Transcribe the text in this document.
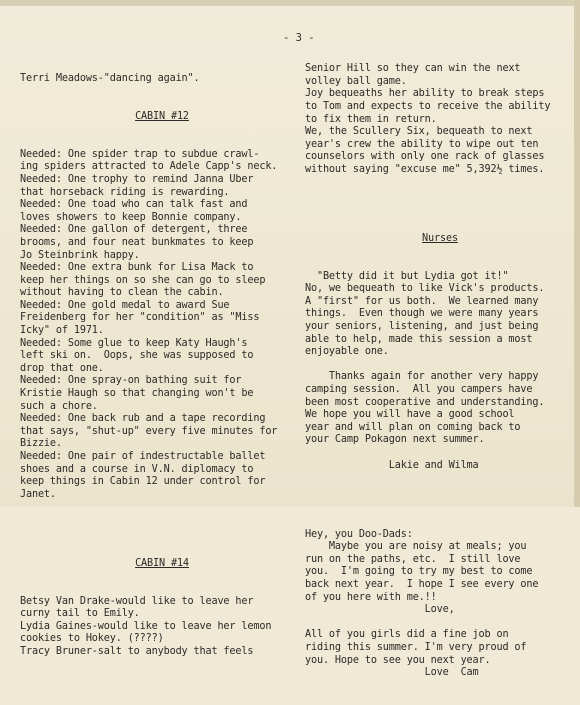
- 3 -

Terri Meadows-"dancing again".

CABIN #12

Needed: One spider trap to subdue crawl-
ing spiders attracted to Adele Capp's neck.
Needed: One trophy to remind Janna Uber
that horseback riding is rewarding.
Needed: One toad who can talk fast and
loves showers to keep Bonnie company.
Needed: One gallon of detergent, three
brooms, and four neat bunkmates to keep
Jo Steinbrink happy.
Needed: One extra bunk for Lisa Mack to
keep her things on so she can go to sleep
without having to clean the cabin.
Needed: One gold medal to award Sue
Freidenberg for her "condition" as "Miss
Icky" of 1971.
Needed: Some glue to keep Katy Haugh's
left ski on.  Oops, she was supposed to
drop that one.
Needed: One spray-on bathing suit for
Kristie Haugh so that changing won't be
such a chore.
Needed: One back rub and a tape recording
that says, "shut-up" every five minutes for
Bizzie.
Needed: One pair of indestructable ballet
shoes and a course in V.N. diplomacy to
keep things in Cabin 12 under control for
Janet.

CABIN #14

Betsy Van Drake-would like to leave her
curny tail to Emily.
Lydia Gaines-would like to leave her lemon
cookies to Hokey. (????)
Tracy Bruner-salt to anybody that feels

Senior Hill so they can win the next
volley ball game.
Joy bequeaths her ability to break steps
to Tom and expects to receive the ability
to fix them in return.
We, the Scullery Six, bequeath to next
year's crew the ability to wipe out ten
counselors with only one rack of glasses
without saying "excuse me" 5,392½ times.

Nurses

"Betty did it but Lydia got it!"
No, we bequeath to like Vick's products.
A "first" for us both.  We learned many
things.  Even though we were many years
your seniors, listening, and just being
able to help, made this session a most
enjoyable one.
Thanks again for another very happy
camping session.  All you campers have
been most cooperative and understanding.
We hope you will have a good school
year and will plan on coming back to
your Camp Pokagon next summer.
Lakie and Wilma

Hey, you Doo-Dads:
Maybe you are noisy at meals; you
run on the paths, etc.  I still love
you.  I'm going to try my best to come
back next year.  I hope I see every one
of you here with me.!!
Love,
All of you girls did a fine job on
riding this summer. I'm very proud of
you. Hope to see you next year.
Love  Cam
